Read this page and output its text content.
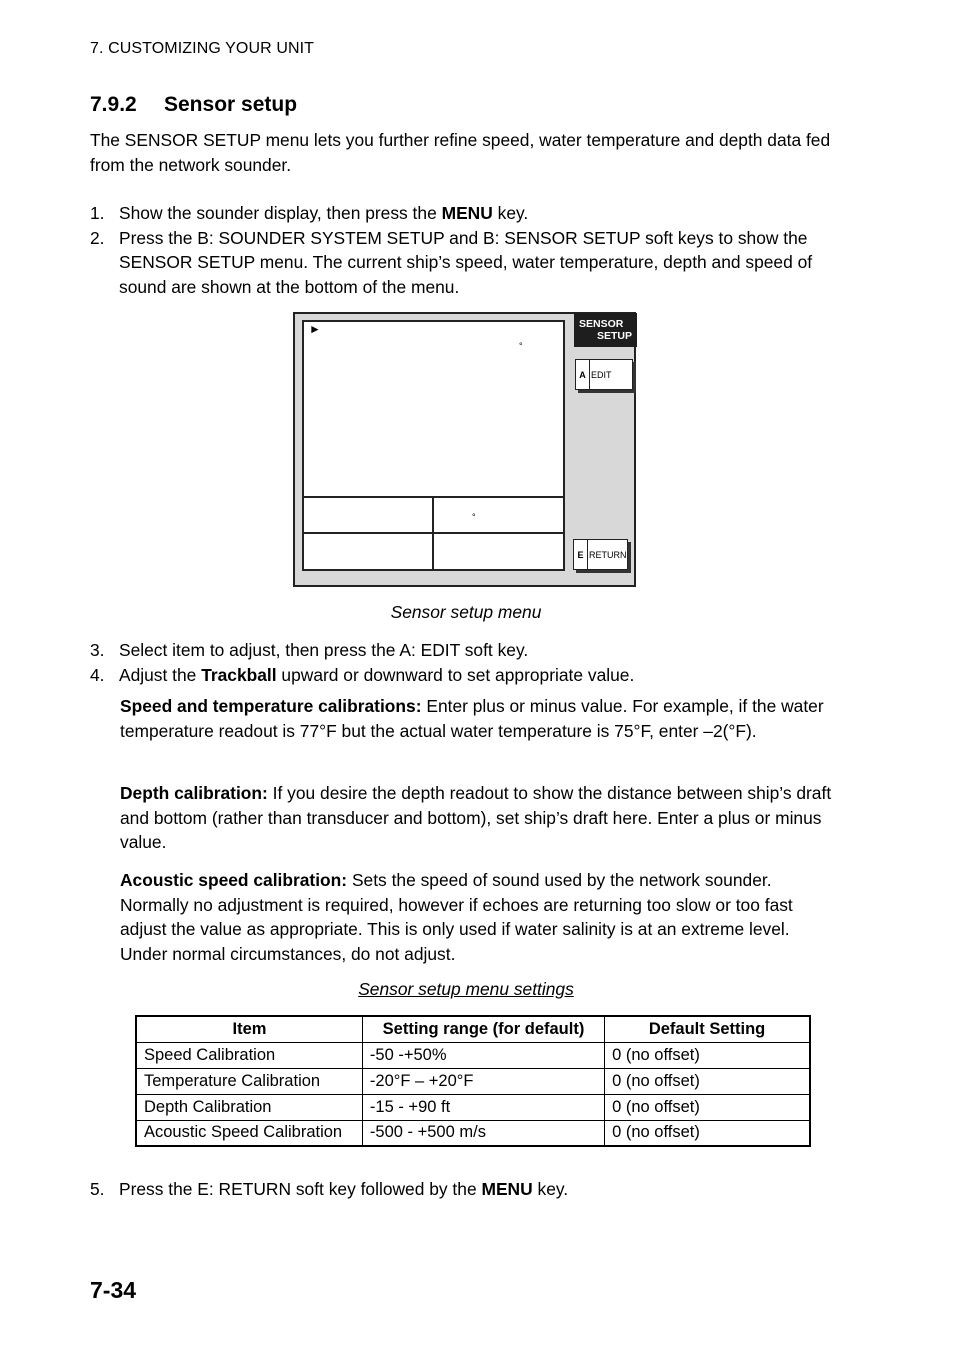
7. CUSTOMIZING YOUR UNIT
7.9.2 Sensor setup
The SENSOR SETUP menu lets you further refine speed, water temperature and depth data fed from the network sounder.
1. Show the sounder display, then press the MENU key.
2. Press the B: SOUNDER SYSTEM SETUP and B: SENSOR SETUP soft keys to show the SENSOR SETUP menu. The current ship’s speed, water temperature, depth and speed of sound are shown at the bottom of the menu.
►
°
°
SENSOR
SETUP
A EDIT
E RETURN
Sensor setup menu
3. Select item to adjust, then press the A: EDIT soft key.
4. Adjust the Trackball upward or downward to set appropriate value.
Speed and temperature calibrations: Enter plus or minus value. For example, if the water temperature readout is 77°F but the actual water temperature is 75°F, enter –2(°F).
Depth calibration: If you desire the depth readout to show the distance between ship’s draft and bottom (rather than transducer and bottom), set ship’s draft here. Enter a plus or minus value.
Acoustic speed calibration: Sets the speed of sound used by the network sounder. Normally no adjustment is required, however if echoes are returning too slow or too fast adjust the value as appropriate. This is only used if water salinity is at an extreme level. Under normal circumstances, do not adjust.
Sensor setup menu settings
Item	Setting range (for default)	Default Setting
Speed Calibration	-50 -+50%	0 (no offset)
Temperature Calibration	-20°F – +20°F	0 (no offset)
Depth Calibration	-15 - +90 ft	0 (no offset)
Acoustic Speed Calibration	-500 - +500 m/s	0 (no offset)
5. Press the E: RETURN soft key followed by the MENU key.
7-34
